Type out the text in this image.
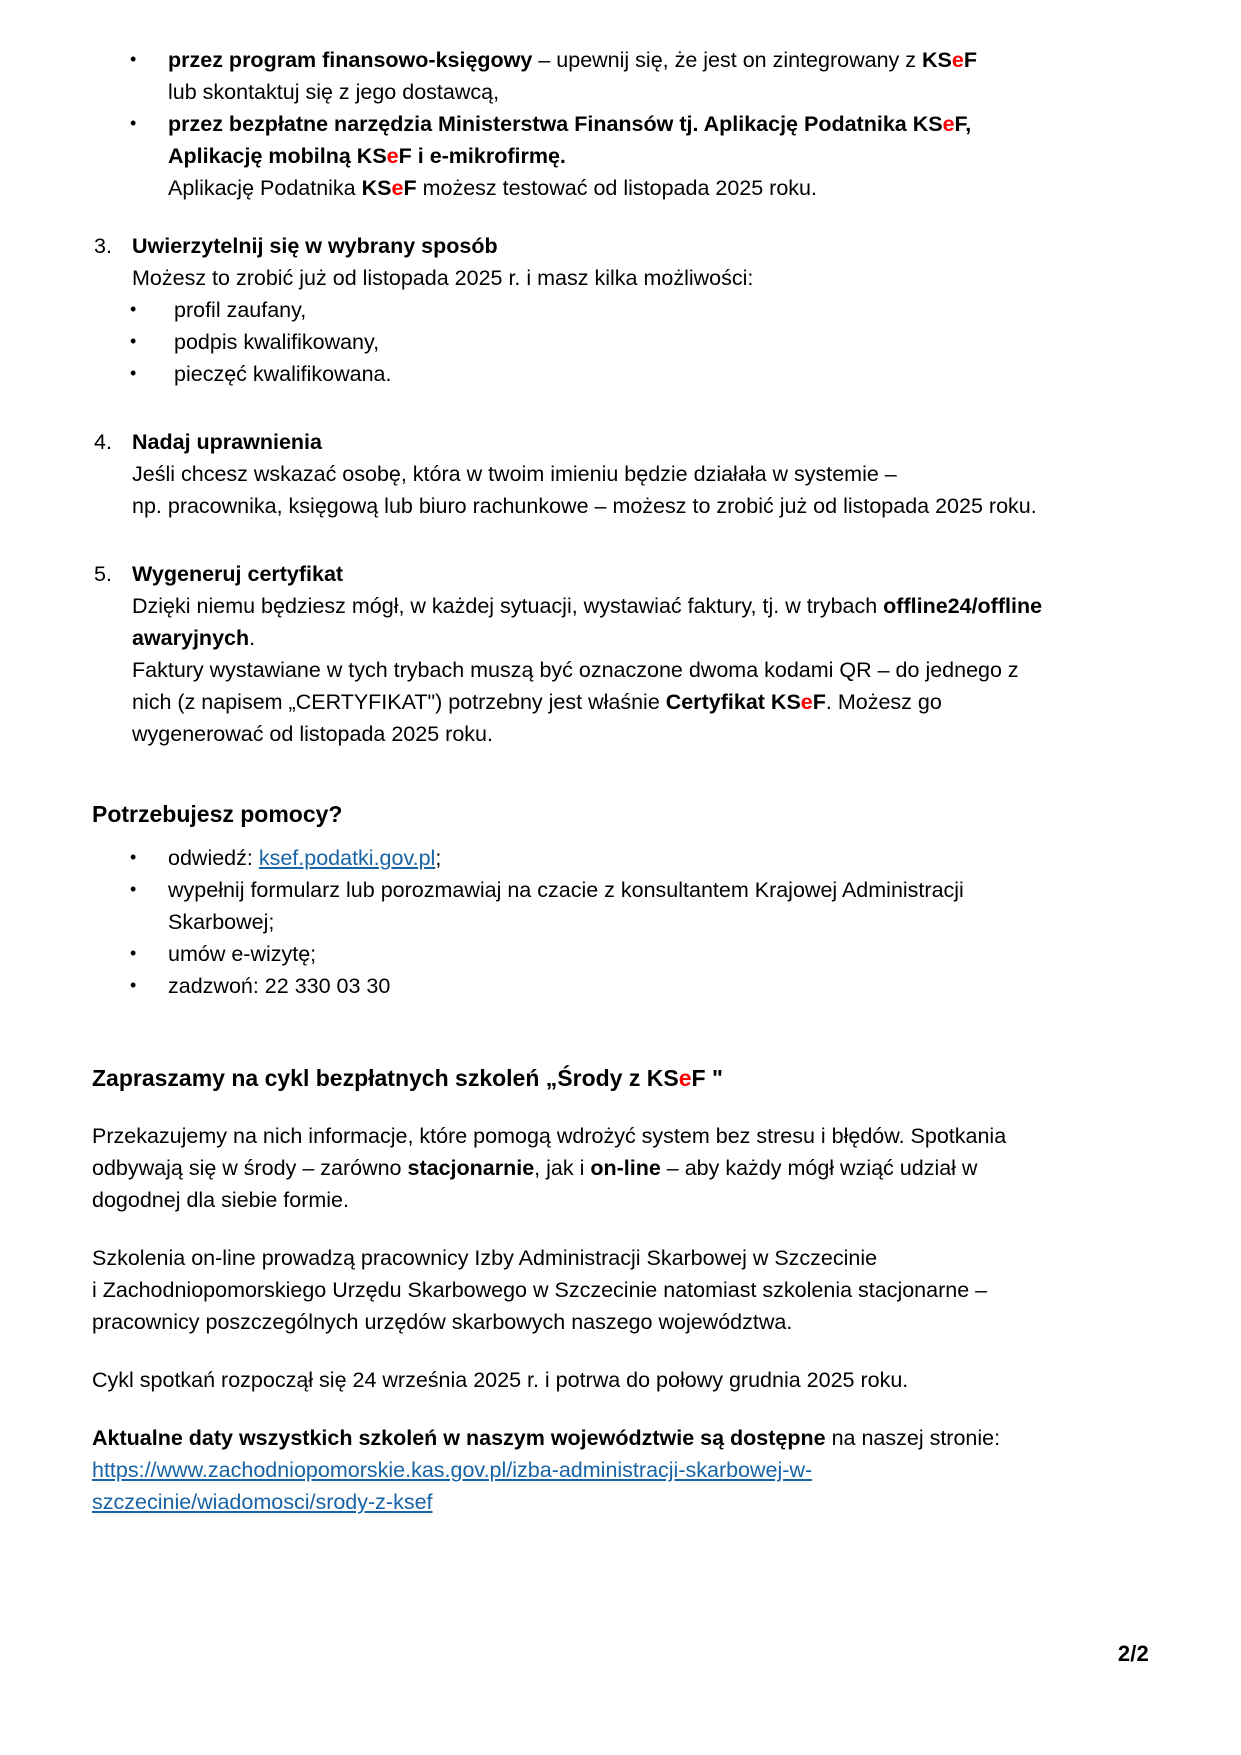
•	przez program finansowo-księgowy – upewnij się, że jest on zintegrowany z KSeF
lub skontaktuj się z jego dostawcą,
•	przez bezpłatne narzędzia Ministerstwa Finansów tj. Aplikację Podatnika KSeF, Aplikację mobilną KSeF i e-mikrofirmę.
Aplikację Podatnika KSeF możesz testować od listopada 2025 roku.
3. Uwierzytelnij się w wybrany sposób
Możesz to zrobić już od listopada 2025 r. i masz kilka możliwości:
•	profil zaufany,
•	podpis kwalifikowany,
•	pieczęć kwalifikowana.
4. Nadaj uprawnienia
Jeśli chcesz wskazać osobę, która w twoim imieniu będzie działała w systemie –
np. pracownika, księgową lub biuro rachunkowe – możesz to zrobić już od listopada 2025 roku.
5. Wygeneruj certyfikat
Dzięki niemu będziesz mógł, w każdej sytuacji, wystawiać faktury, tj. w trybach offline24/offline awaryjnych.
Faktury wystawiane w tych trybach muszą być oznaczone dwoma kodami QR – do jednego z nich (z napisem „CERTYFIKAT") potrzebny jest właśnie Certyfikat KSeF. Możesz go wygenerować od listopada 2025 roku.
Potrzebujesz pomocy?
•	odwiedź: ksef.podatki.gov.pl;
•	wypełnij formularz lub porozmawiaj na czacie z konsultantem Krajowej Administracji Skarbowej;
•	umów e-wizytę;
•	zadzwoń: 22 330 03 30
Zapraszamy na cykl bezpłatnych szkoleń „Środy z KSeF "

Przekazujemy na nich informacje, które pomogą wdrożyć system bez stresu i błędów. Spotkania odbywają się w środy – zarówno stacjonarnie, jak i on-line – aby każdy mógł wziąć udział w dogodnej dla siebie formie.

Szkolenia on-line prowadzą pracownicy Izby Administracji Skarbowej w Szczecinie
i Zachodniopomorskiego Urzędu Skarbowego w Szczecinie natomiast szkolenia stacjonarne –
pracownicy poszczególnych urzędów skarbowych naszego województwa.

Cykl spotkań rozpoczął się 24 września 2025 r. i potrwa do połowy grudnia 2025 roku.

Aktualne daty wszystkich szkoleń w naszym województwie są dostępne na naszej stronie:
https://www.zachodniopomorskie.kas.gov.pl/izba-administracji-skarbowej-w-
szczecinie/wiadomosci/srody-z-ksef

2/2
